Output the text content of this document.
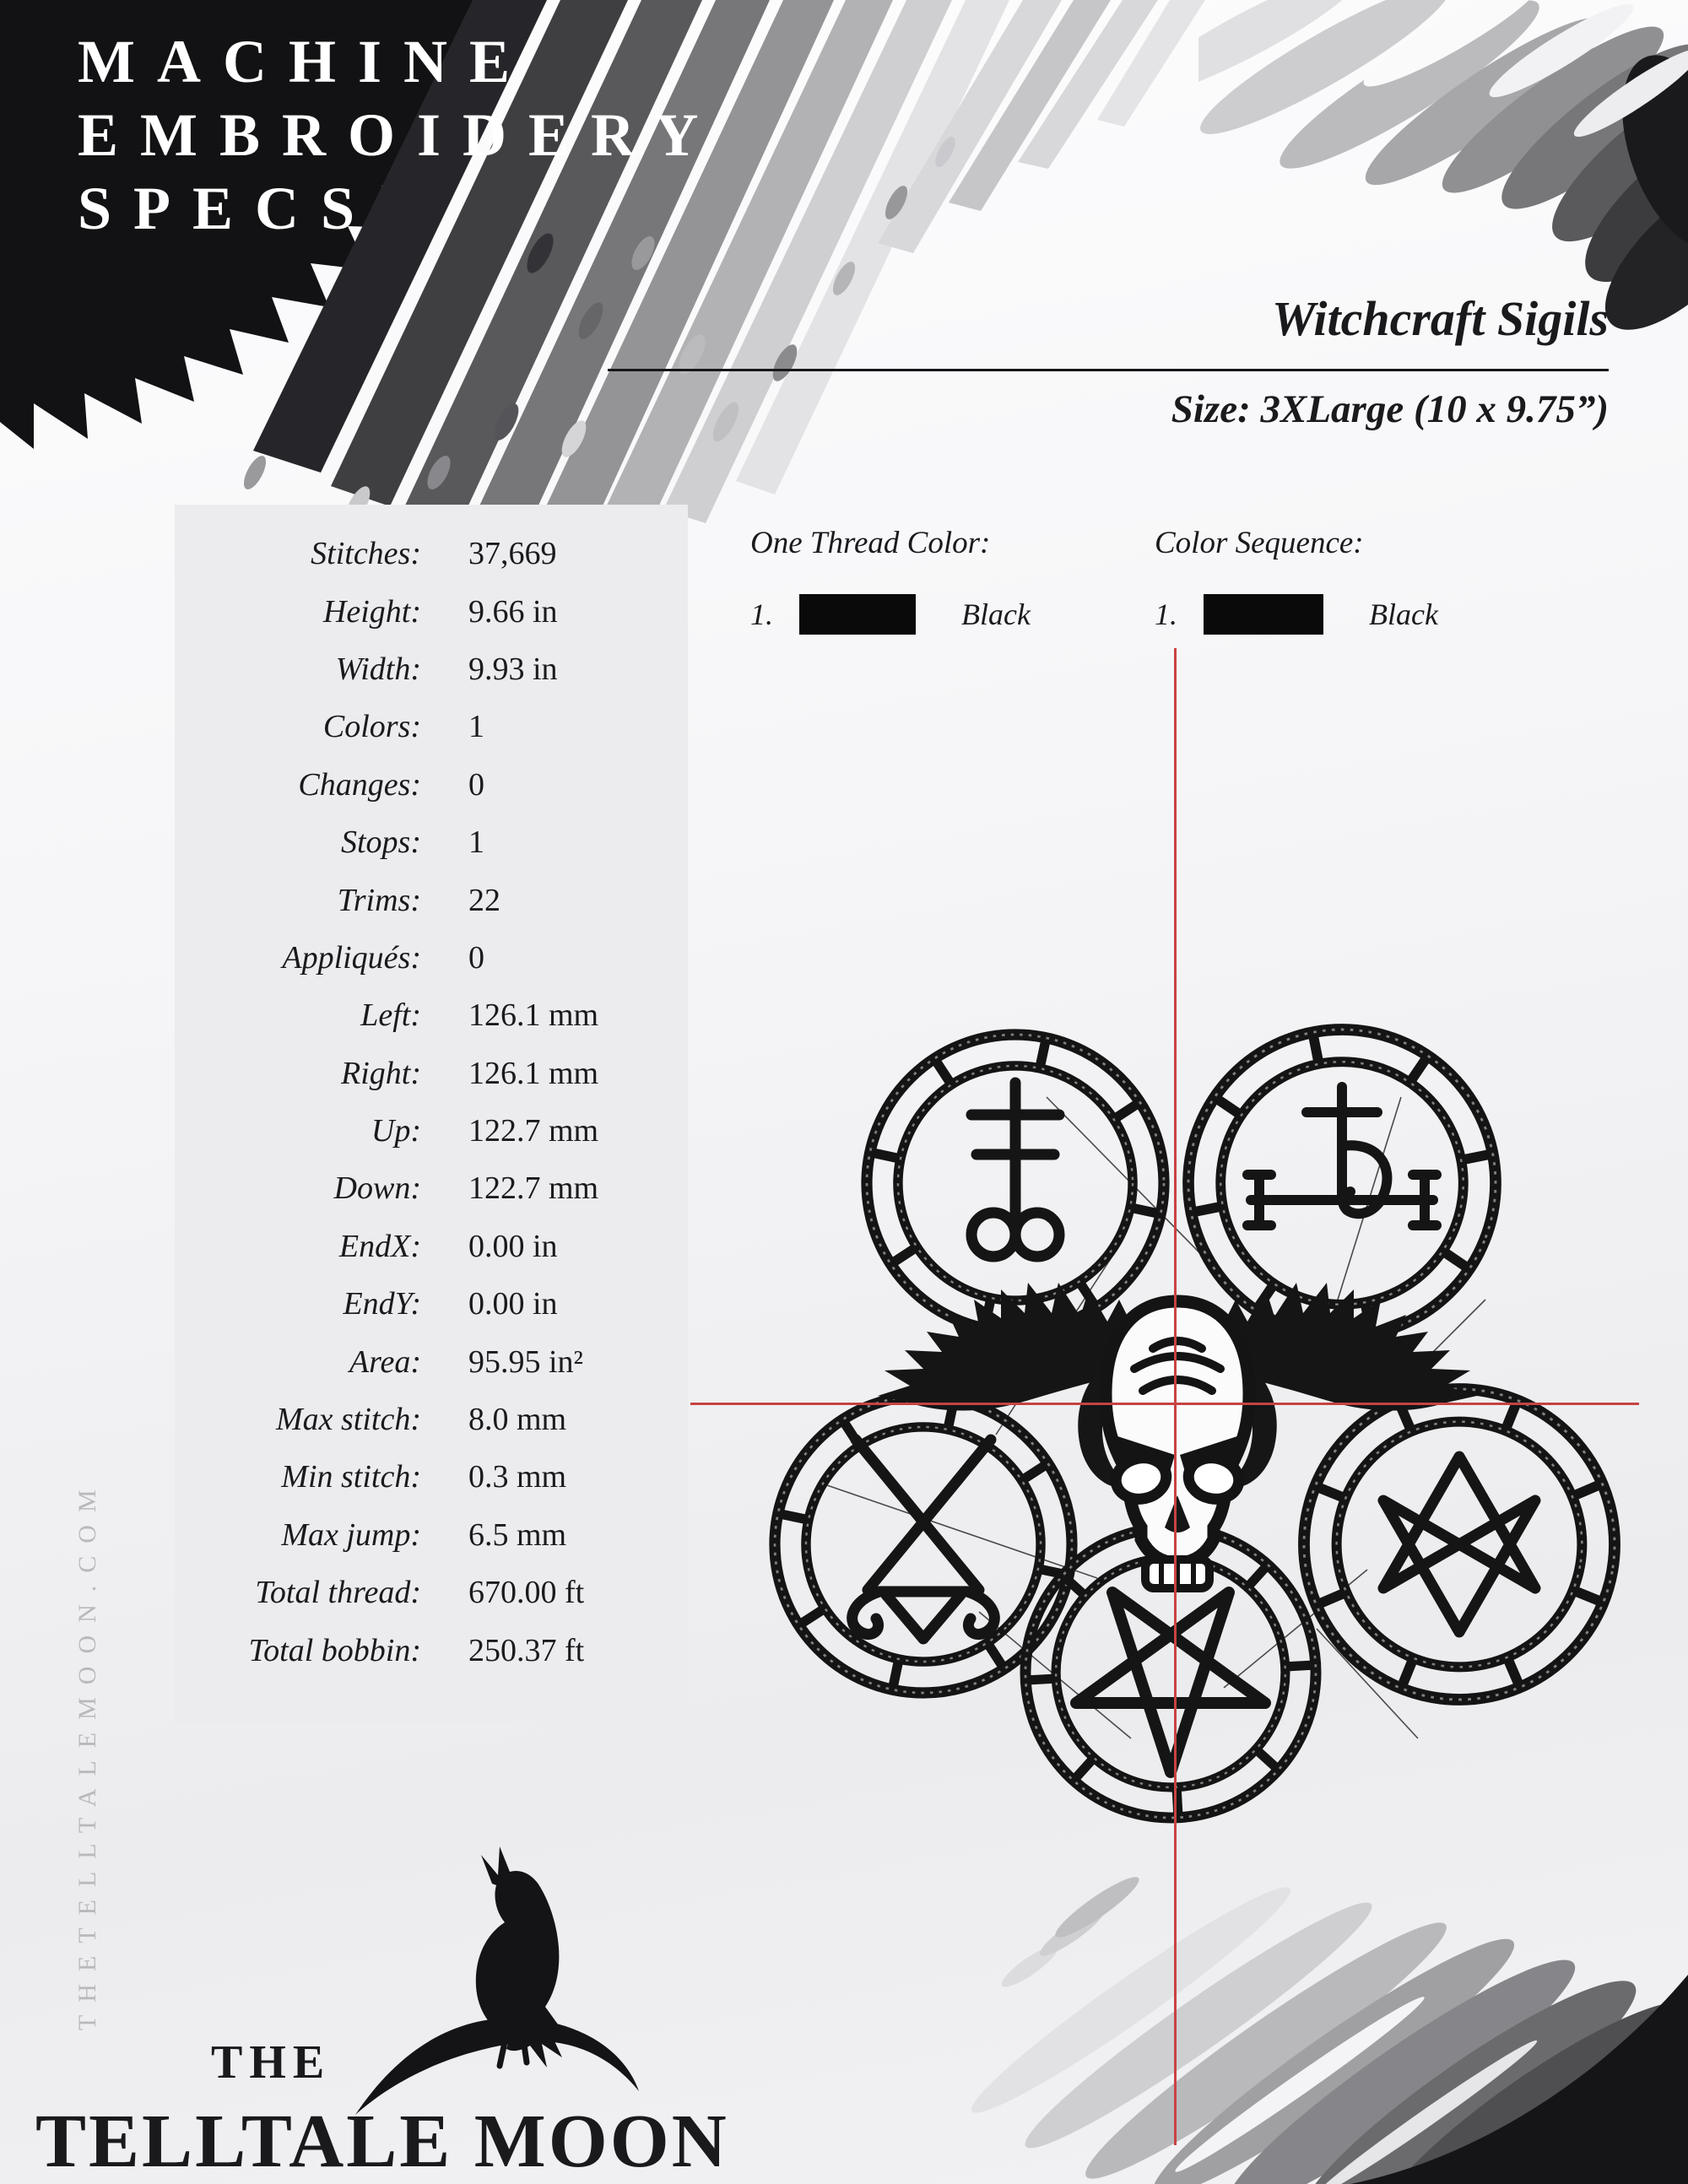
MACHINE
EMBROIDERY
SPECS
Witchcraft Sigils
Size: 3XLarge (10 x 9.75”)
Stitches: 37,669
Height: 9.66 in
Width: 9.93 in
Colors: 1
Changes: 0
Stops: 1
Trims: 22
Appliqués: 0
Left: 126.1 mm
Right: 126.1 mm
Up: 122.7 mm
Down: 122.7 mm
EndX: 0.00 in
EndY: 0.00 in
Area: 95.95 in²
Max stitch: 8.0 mm
Min stitch: 0.3 mm
Max jump: 6.5 mm
Total thread: 670.00 ft
Total bobbin: 250.37 ft
One Thread Color:
1.	Black
Color Sequence:
1.	Black
THETELLTALEMOON.COM
THE
TELLTALE MOON
